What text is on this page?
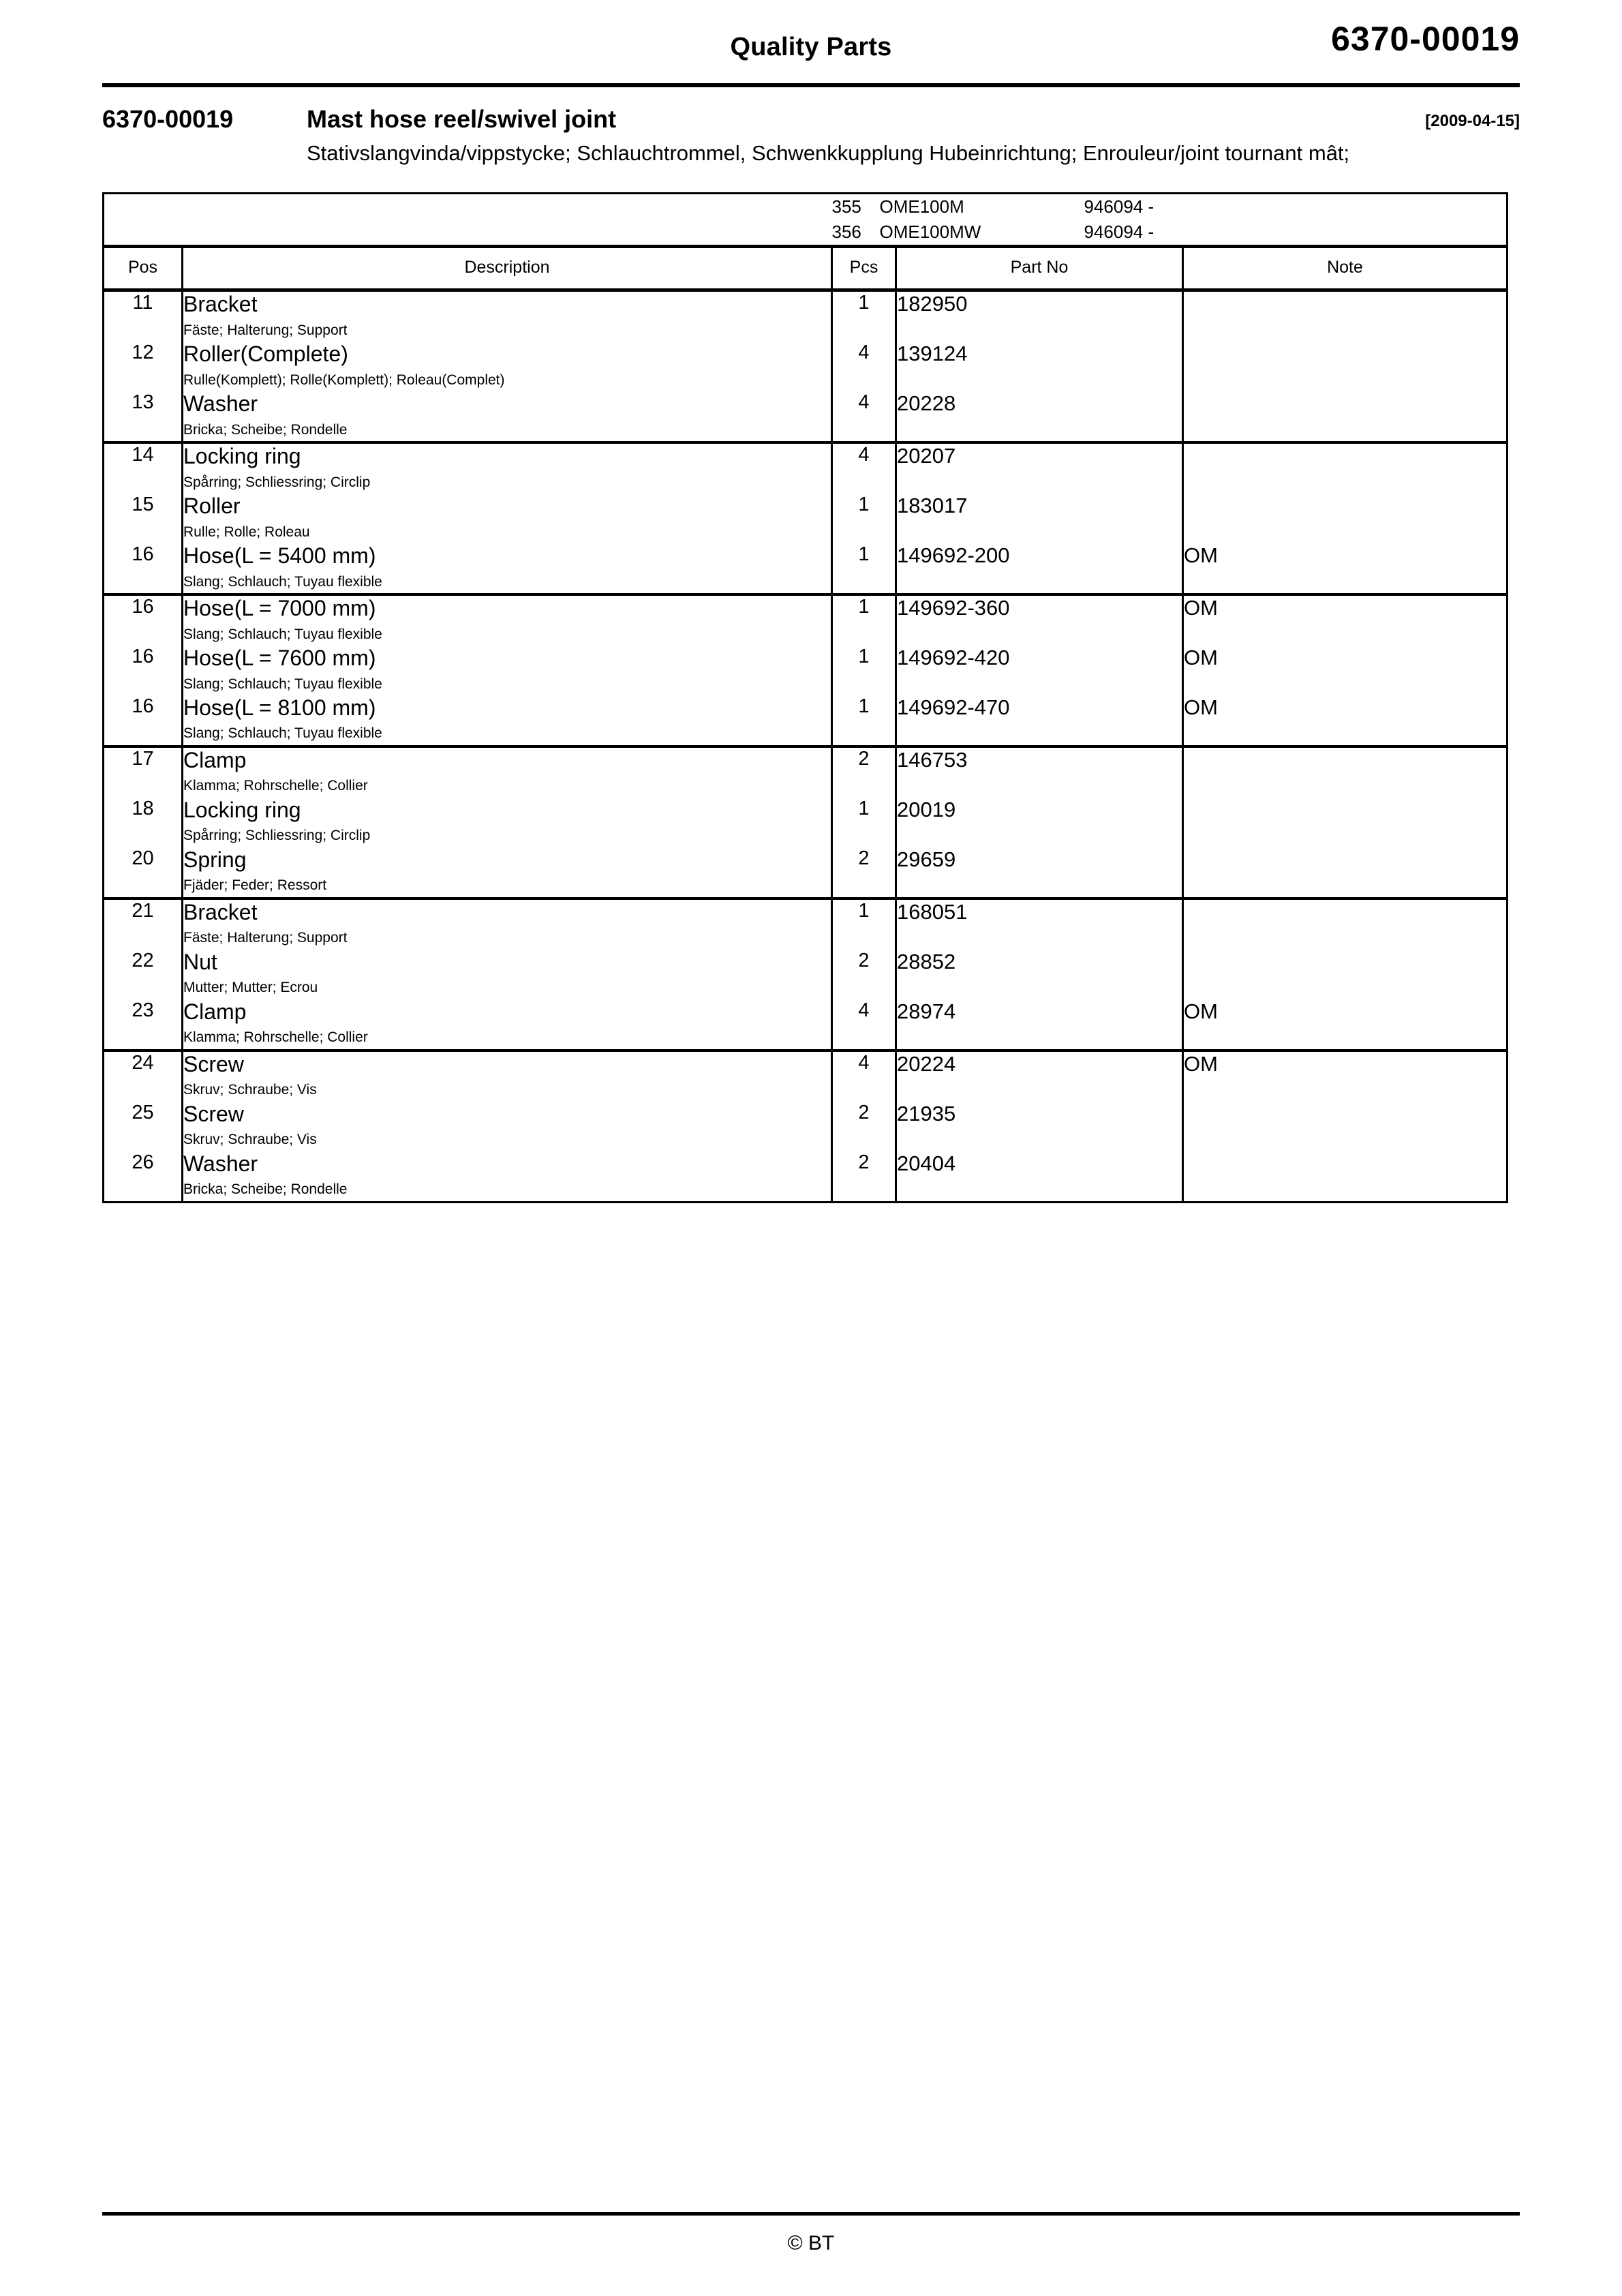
Quality Parts	6370-00019
6370-00019	Mast hose reel/swivel joint	[2009-04-15]
Stativslangvinda/vippstycke; Schlauchtrommel, Schwenkkupplung Hubeinrichtung; Enrouleur/joint tournant mât;

355	OME100M	946094 -
356	OME100MW	946094 -

Pos	Description	Pcs	Part No	Note
11	Bracket
Fäste; Halterung; Support	1	182950	
12	Roller(Complete)
Rulle(Komplett); Rolle(Komplett); Roleau(Complet)	4	139124	
13	Washer
Bricka; Scheibe; Rondelle	4	20228	
14	Locking ring
Spårring; Schliessring; Circlip	4	20207	
15	Roller
Rulle; Rolle; Roleau	1	183017	
16	Hose(L = 5400 mm)
Slang; Schlauch; Tuyau flexible	1	149692-200	OM
16	Hose(L = 7000 mm)
Slang; Schlauch; Tuyau flexible	1	149692-360	OM
16	Hose(L = 7600 mm)
Slang; Schlauch; Tuyau flexible	1	149692-420	OM
16	Hose(L = 8100 mm)
Slang; Schlauch; Tuyau flexible	1	149692-470	OM
17	Clamp
Klamma; Rohrschelle; Collier	2	146753	
18	Locking ring
Spårring; Schliessring; Circlip	1	20019	
20	Spring
Fjäder; Feder; Ressort	2	29659	
21	Bracket
Fäste; Halterung; Support	1	168051	
22	Nut
Mutter; Mutter; Ecrou	2	28852	
23	Clamp
Klamma; Rohrschelle; Collier	4	28974	OM
24	Screw
Skruv; Schraube; Vis	4	20224	OM
25	Screw
Skruv; Schraube; Vis	2	21935	
26	Washer
Bricka; Scheibe; Rondelle	2	20404	
© BT
